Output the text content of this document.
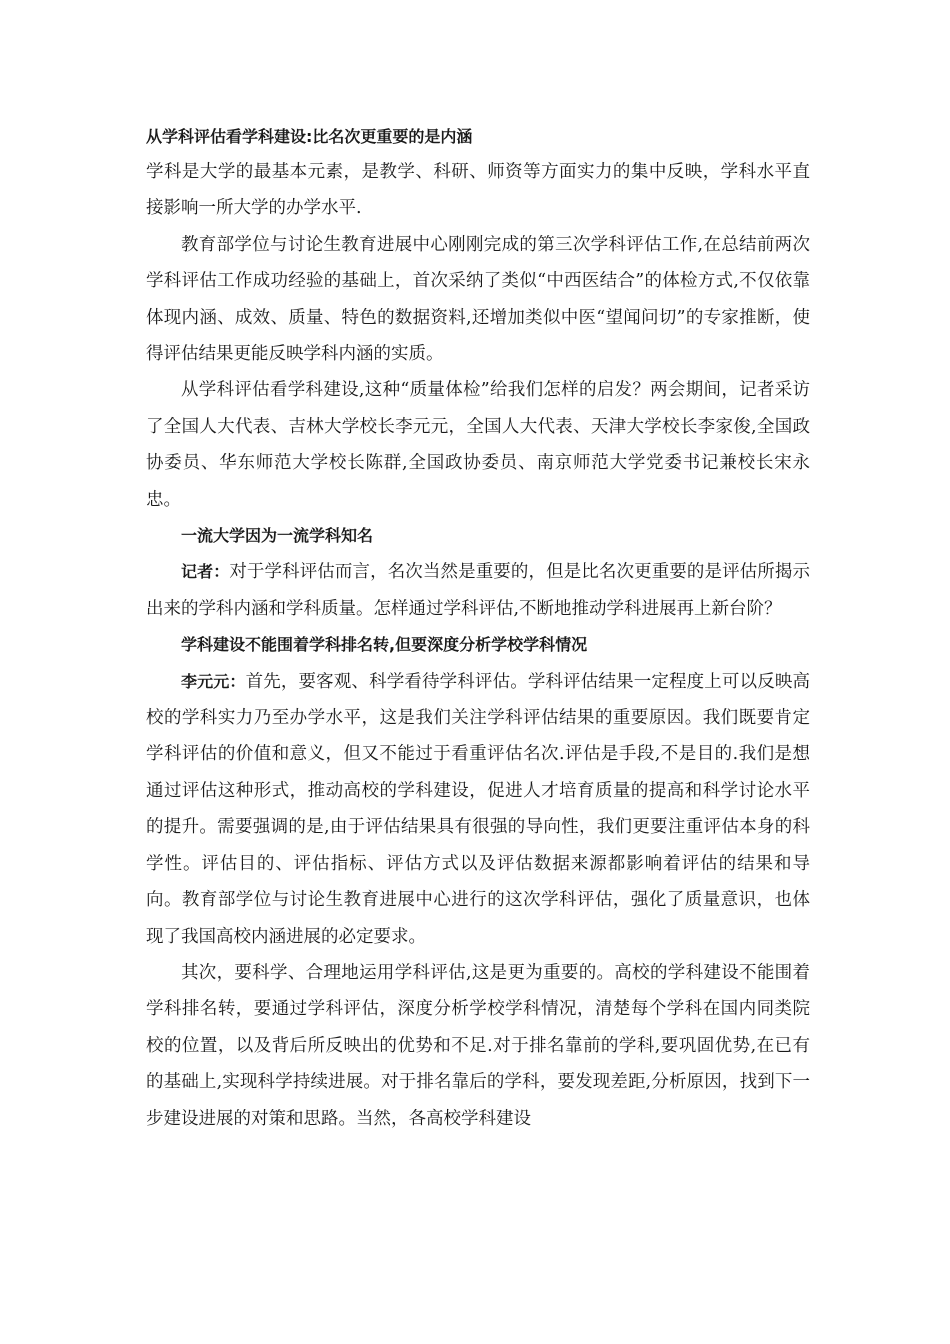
从学科评估看学科建设:比名次更重要的是内涵

学科是大学的最基本元素，是教学、科研、师资等方面实力的集中反映，学科水平直接影响一所大学的办学水平.

教育部学位与讨论生教育进展中心刚刚完成的第三次学科评估工作,在总结前两次学科评估工作成功经验的基础上，首次采纳了类似“中西医结合”的体检方式,不仅依靠体现内涵、成效、质量、特色的数据资料,还增加类似中医“望闻问切”的专家推断，使得评估结果更能反映学科内涵的实质。

从学科评估看学科建设,这种“质量体检”给我们怎样的启发？两会期间，记者采访了全国人大代表、吉林大学校长李元元，全国人大代表、天津大学校长李家俊,全国政协委员、华东师范大学校长陈群,全国政协委员、南京师范大学党委书记兼校长宋永忠。

一流大学因为一流学科知名

记者：对于学科评估而言，名次当然是重要的，但是比名次更重要的是评估所揭示出来的学科内涵和学科质量。怎样通过学科评估,不断地推动学科进展再上新台阶？

学科建设不能围着学科排名转,但要深度分析学校学科情况

李元元：首先，要客观、科学看待学科评估。学科评估结果一定程度上可以反映高校的学科实力乃至办学水平，这是我们关注学科评估结果的重要原因。我们既要肯定学科评估的价值和意义，但又不能过于看重评估名次.评估是手段,不是目的.我们是想通过评估这种形式，推动高校的学科建设，促进人才培育质量的提高和科学讨论水平的提升。需要强调的是,由于评估结果具有很强的导向性，我们更要注重评估本身的科学性。评估目的、评估指标、评估方式以及评估数据来源都影响着评估的结果和导向。教育部学位与讨论生教育进展中心进行的这次学科评估，强化了质量意识，也体现了我国高校内涵进展的必定要求。

其次，要科学、合理地运用学科评估,这是更为重要的。高校的学科建设不能围着学科排名转，要通过学科评估，深度分析学校学科情况，清楚每个学科在国内同类院校的位置，以及背后所反映出的优势和不足.对于排名靠前的学科,要巩固优势,在已有的基础上,实现科学持续进展。对于排名靠后的学科，要发现差距,分析原因，找到下一步建设进展的对策和思路。当然，各高校学科建设
